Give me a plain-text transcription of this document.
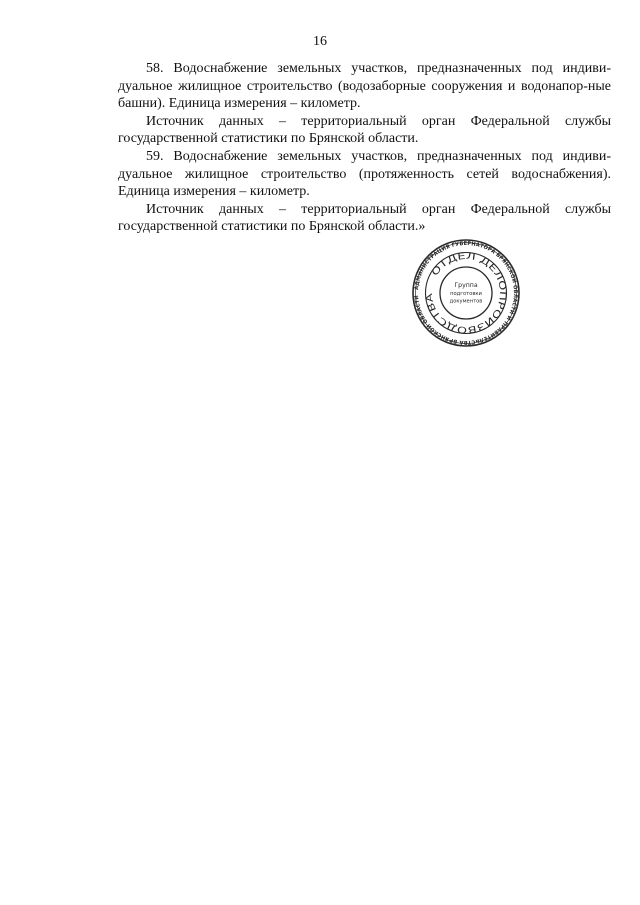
16

58. Водоснабжение земельных участков, предназначенных под индиви-дуальное жилищное строительство (водозаборные сооружения и водонапор-ные башни). Единица измерения – километр.

Источник данных – территориальный орган Федеральной службы государственной статистики по Брянской области.

59. Водоснабжение земельных участков, предназначенных под индиви-дуальное жилищное строительство (протяженность сетей водоснабжения). Единица измерения – километр.

Источник данных – территориальный орган Федеральной службы государственной статистики по Брянской области.»

АДМИНИСТРАЦИЯ ГУБЕРНАТОРА БРЯНСКОЙ ОБЛАСТИ И ПРАВИТЕЛЬСТВА БРЯНСКОЙ ОБЛАСТИ
ОТДЕЛ ДЕЛОПРОИЗВОДСТВА
Группа
подготовки
документов
